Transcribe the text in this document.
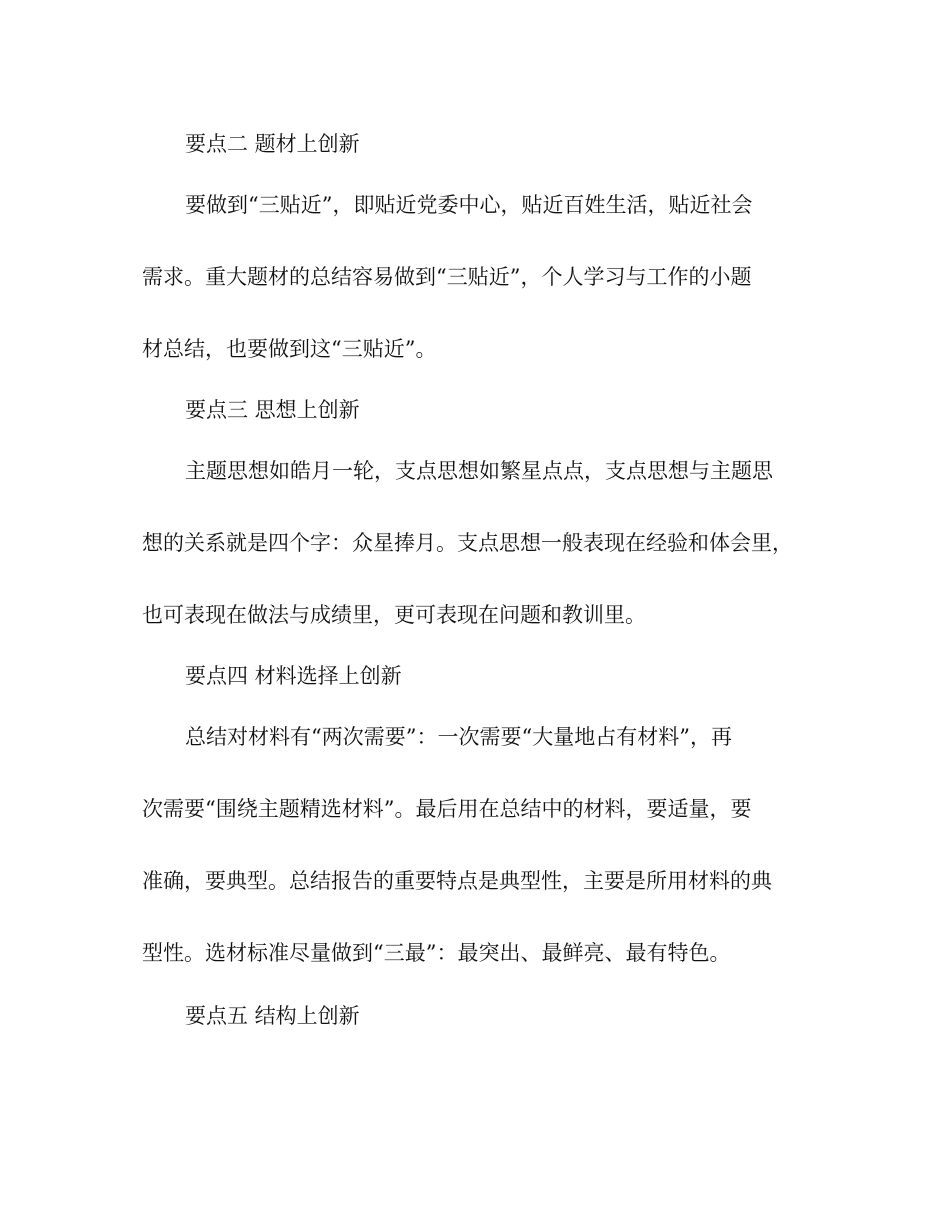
要点二 题材上创新
要做到“三贴近”，即贴近党委中心，贴近百姓生活，贴近社会
需求。重大题材的总结容易做到“三贴近”，个人学习与工作的小题
材总结，也要做到这“三贴近”。
要点三 思想上创新
主题思想如皓月一轮，支点思想如繁星点点，支点思想与主题思
想的关系就是四个字：众星捧月。支点思想一般表现在经验和体会里，
也可表现在做法与成绩里，更可表现在问题和教训里。
要点四 材料选择上创新
总结对材料有“两次需要”：一次需要“大量地占有材料”，再
次需要“围绕主题精选材料”。最后用在总结中的材料，要适量，要
准确，要典型。总结报告的重要特点是典型性，主要是所用材料的典
型性。选材标准尽量做到“三最”：最突出、最鲜亮、最有特色。
要点五 结构上创新
